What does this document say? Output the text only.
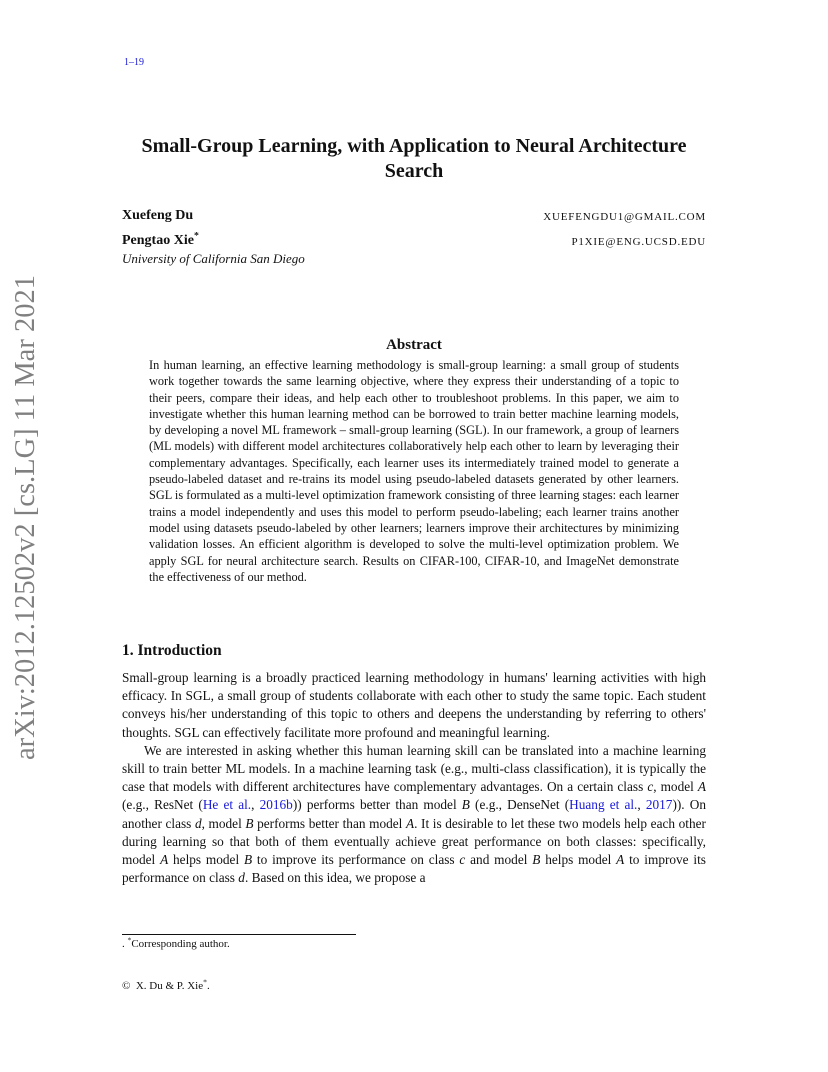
1–19
Small-Group Learning, with Application to Neural Architecture Search
Xuefeng Du	XUEFENGDU1@GMAIL.COM
Pengtao Xie*
P1XIE@ENG.UCSD.EDU
University of California San Diego
arXiv:2012.12502v2 [cs.LG] 11 Mar 2021	Abstract
In human learning, an effective learning methodology is small-group learning: a small group of students work together towards the same learning objective, where they express their understanding of a topic to their peers, compare their ideas, and help each other to troubleshoot problems. In this paper, we aim to investigate whether this human learning method can be borrowed to train better machine learning models, by developing a novel ML framework – small-group learning (SGL). In our framework, a group of learners (ML models) with different model architectures collaboratively help each other to learn by leveraging their complementary advantages. Specifically, each learner uses its intermediately trained model to generate a pseudo-labeled dataset and re-trains its model using pseudo-labeled datasets generated by other learners. SGL is formulated as a multi-level optimization framework consisting of three learning stages: each learner trains a model independently and uses this model to perform pseudo-labeling; each learner trains another model using datasets pseudo-labeled by other learners; learners improve their architectures by minimizing validation losses. An efficient algorithm is developed to solve the multi-level optimization problem. We apply SGL for neural architecture search. Results on CIFAR-100, CIFAR-10, and ImageNet demonstrate the effectiveness of our method.
1. Introduction

Small-group learning is a broadly practiced learning methodology in humans' learning activities with high efficacy. In SGL, a small group of students collaborate with each other to study the same topic. Each student conveys his/her understanding of this topic to others and deepens the understanding by referring to others' thoughts. SGL can effectively facilitate more profound and meaningful learning.

We are interested in asking whether this human learning skill can be translated into a machine learning skill to train better ML models. In a machine learning task (e.g., multi-class classification), it is typically the case that models with different architectures have complementary advantages. On a certain class c, model A (e.g., ResNet (He et al., 2016b)) performs better than model B (e.g., DenseNet (Huang et al., 2017)). On another class d, model B performs better than model A. It is desirable to let these two models help each other during learning so that both of them eventually achieve great performance on both classes: specifically, model A helps model B to improve its performance on class c and model B helps model A to improve its performance on class d. Based on this idea, we propose a

. *Corresponding author.
© X. Du & P. Xie*.
